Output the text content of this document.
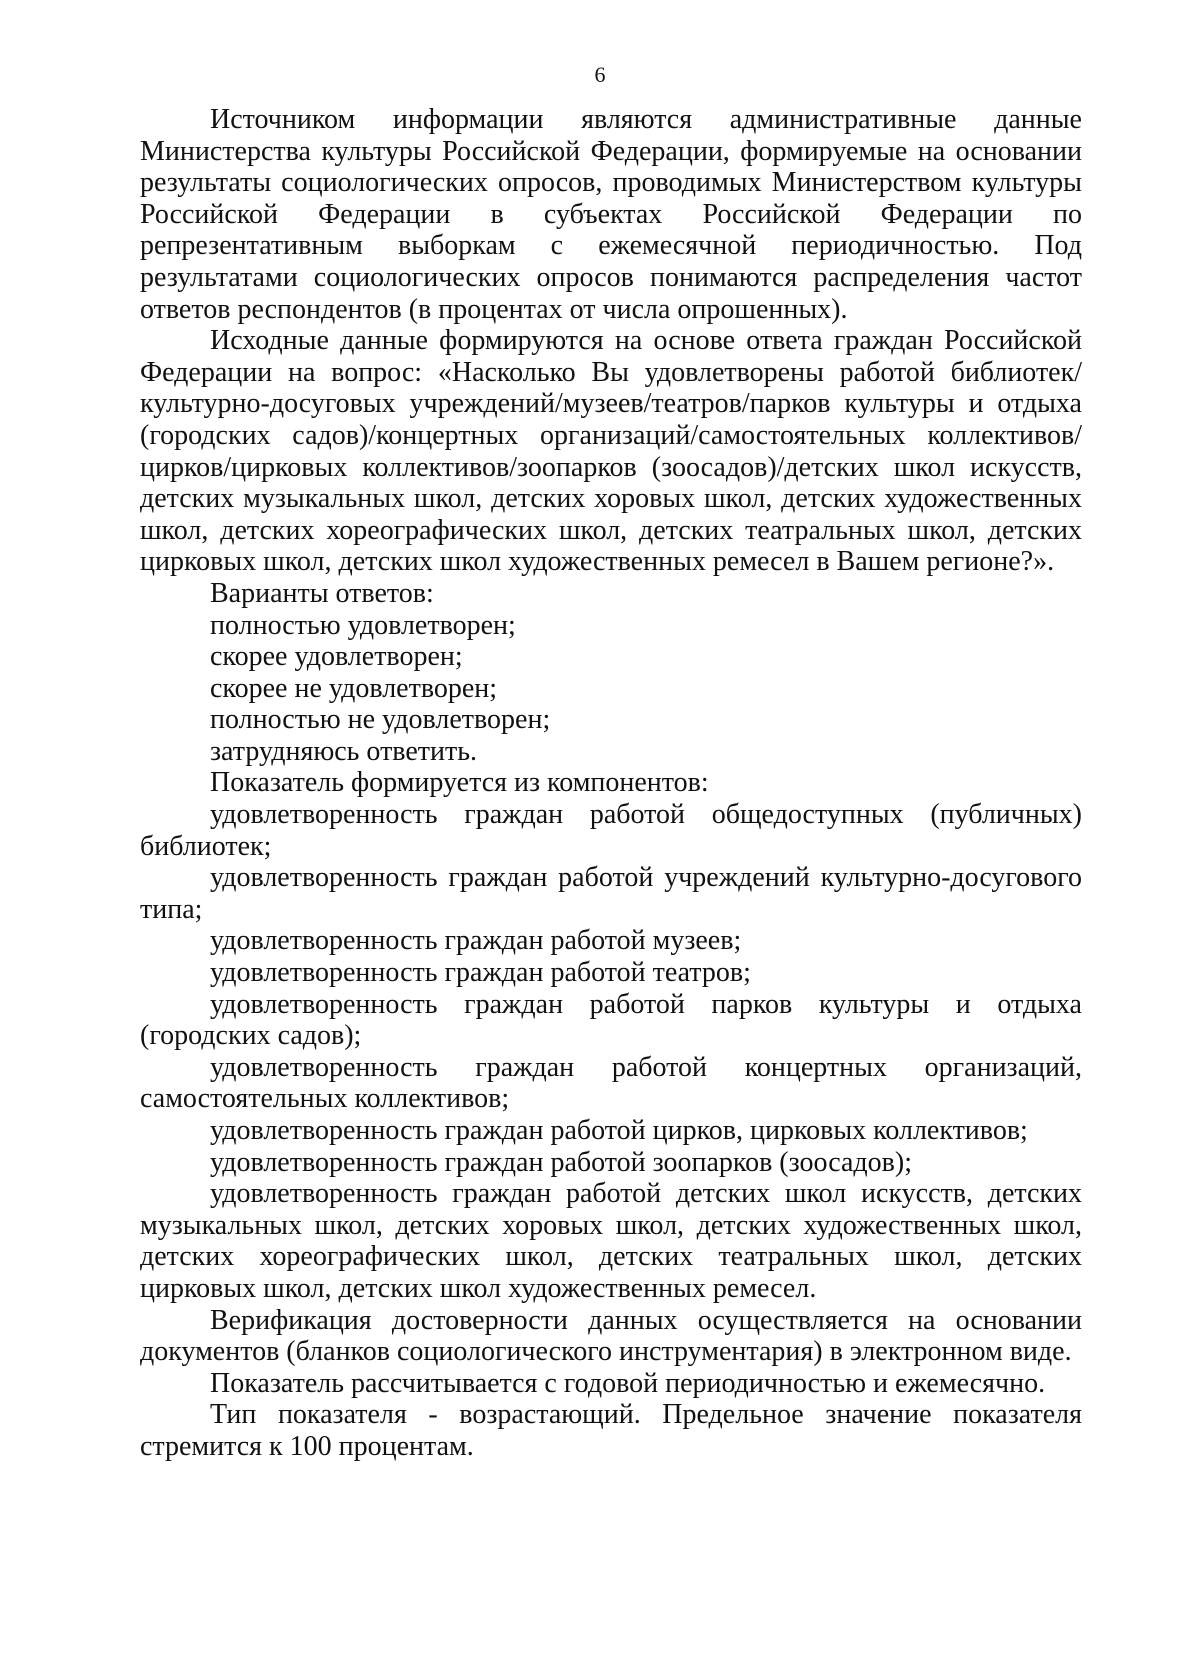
6

Источником информации являются административные данные Министерства культуры Российской Федерации, формируемые на основании результаты социологических опросов, проводимых Министерством культуры Российской Федерации в субъектах Российской Федерации по репрезентативным выборкам с ежемесячной периодичностью. Под результатами социологических опросов понимаются распределения частот ответов респондентов (в процентах от числа опрошенных).

Исходные данные формируются на основе ответа граждан Российской Федерации на вопрос: «Насколько Вы удовлетворены работой библиотек/культурно-досуговых учреждений/музеев/театров/парков культуры и отдыха (городских садов)/концертных организаций/самостоятельных коллективов/цирков/цирковых коллективов/зоопарков (зоосадов)/детских школ искусств, детских музыкальных школ, детских хоровых школ, детских художественных школ, детских хореографических школ, детских театральных школ, детских цирковых школ, детских школ художественных ремесел в Вашем регионе?».

Варианты ответов:

полностью удовлетворен;

скорее удовлетворен;

скорее не удовлетворен;

полностью не удовлетворен;

затрудняюсь ответить.

Показатель формируется из компонентов:

удовлетворенность граждан работой общедоступных (публичных) библиотек;

удовлетворенность граждан работой учреждений культурно-досугового типа;

удовлетворенность граждан работой музеев;

удовлетворенность граждан работой театров;

удовлетворенность граждан работой парков культуры и отдыха (городских садов);

удовлетворенность граждан работой концертных организаций, самостоятельных коллективов;

удовлетворенность граждан работой цирков, цирковых коллективов;

удовлетворенность граждан работой зоопарков (зоосадов);

удовлетворенность граждан работой детских школ искусств, детских музыкальных школ, детских хоровых школ, детских художественных школ, детских хореографических школ, детских театральных школ, детских цирковых школ, детских школ художественных ремесел.

Верификация достоверности данных осуществляется на основании документов (бланков социологического инструментария) в электронном виде.

Показатель рассчитывается с годовой периодичностью и ежемесячно.

Тип показателя - возрастающий. Предельное значение показателя стремится к 100 процентам.
